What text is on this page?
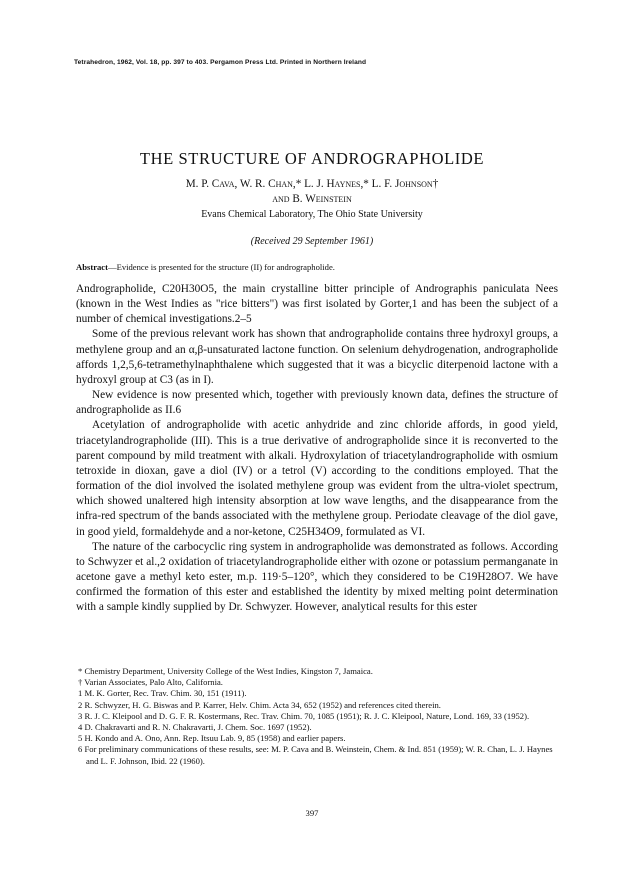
Tetrahedron, 1962, Vol. 18, pp. 397 to 403. Pergamon Press Ltd. Printed in Northern Ireland
THE STRUCTURE OF ANDROGRAPHOLIDE
M. P. Cava, W. R. Chan,* L. J. Haynes,* L. F. Johnson†
and B. Weinstein
Evans Chemical Laboratory, The Ohio State University
(Received 29 September 1961)
Abstract—Evidence is presented for the structure (II) for andrographolide.

Andrographolide, C20H30O5, the main crystalline bitter principle of Andrographis paniculata Nees (known in the West Indies as "rice bitters") was first isolated by Gorter,1 and has been the subject of a number of chemical investigations.2–5

Some of the previous relevant work has shown that andrographolide contains three hydroxyl groups, a methylene group and an α,β-unsaturated lactone function. On selenium dehydrogenation, andrographolide affords 1,2,5,6-tetramethylnaphthalene which suggested that it was a bicyclic diterpenoid lactone with a hydroxyl group at C3 (as in I).

New evidence is now presented which, together with previously known data, defines the structure of andrographolide as II.6

Acetylation of andrographolide with acetic anhydride and zinc chloride affords, in good yield, triacetylandrographolide (III). This is a true derivative of andrographolide since it is reconverted to the parent compound by mild treatment with alkali. Hydroxylation of triacetylandrographolide with osmium tetroxide in dioxan, gave a diol (IV) or a tetrol (V) according to the conditions employed. That the formation of the diol involved the isolated methylene group was evident from the ultra-violet spectrum, which showed unaltered high intensity absorption at low wave lengths, and the disappearance from the infra-red spectrum of the bands associated with the methylene group. Periodate cleavage of the diol gave, in good yield, formaldehyde and a nor-ketone, C25H34O9, formulated as VI.

The nature of the carbocyclic ring system in andrographolide was demonstrated as follows. According to Schwyzer et al.,2 oxidation of triacetylandrographolide either with ozone or potassium permanganate in acetone gave a methyl keto ester, m.p. 119·5–120°, which they considered to be C19H28O7. We have confirmed the formation of this ester and established the identity by mixed melting point determination with a sample kindly supplied by Dr. Schwyzer. However, analytical results for this ester

* Chemistry Department, University College of the West Indies, Kingston 7, Jamaica.
† Varian Associates, Palo Alto, California.
1 M. K. Gorter, Rec. Trav. Chim. 30, 151 (1911).
2 R. Schwyzer, H. G. Biswas and P. Karrer, Helv. Chim. Acta 34, 652 (1952) and references cited therein.
3 R. J. C. Kleipool and D. G. F. R. Kostermans, Rec. Trav. Chim. 70, 1085 (1951); R. J. C. Kleipool, Nature, Lond. 169, 33 (1952).
4 D. Chakravarti and R. N. Chakravarti, J. Chem. Soc. 1697 (1952).
5 H. Kondo and A. Ono, Ann. Rep. Itsuu Lab. 9, 85 (1958) and earlier papers.
6 For preliminary communications of these results, see: M. P. Cava and B. Weinstein, Chem. & Ind. 851 (1959); W. R. Chan, L. J. Haynes and L. F. Johnson, Ibid. 22 (1960).
397
